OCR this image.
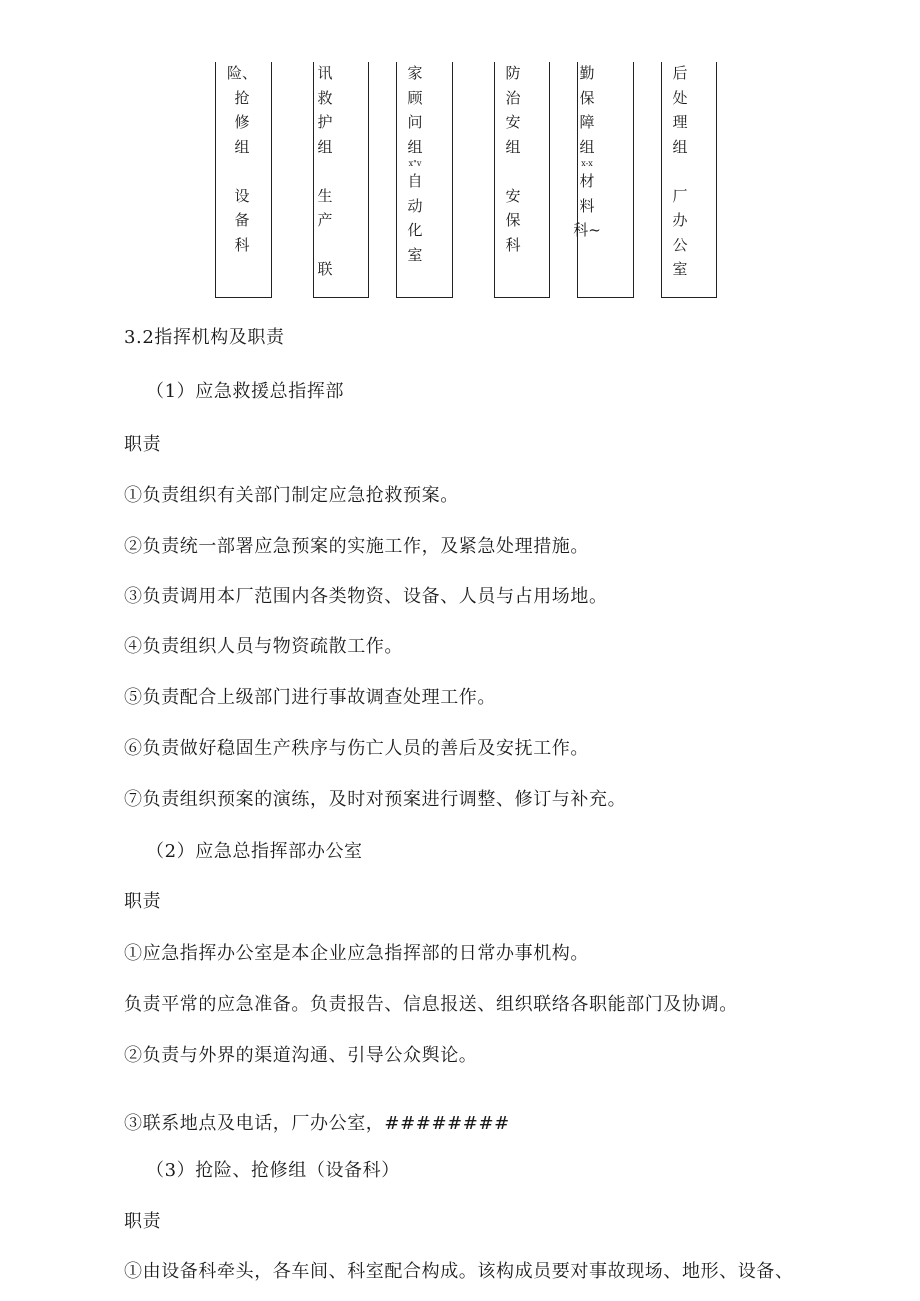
险、
抢
修
组

设
备
科
讯
救
护
组

生
产

联
家
顾
问
组
x"v
自
动
化
室
防
治
安
组

安
保
科
勤
保
障
组
x-x
材
料
科~
后
处
理
组

厂
办
公
室
3.2指挥机构及职责
（1）应急救援总指挥部
职责
①负责组织有关部门制定应急抢救预案。
②负责统一部署应急预案的实施工作，及紧急处理措施。
③负责调用本厂范围内各类物资、设备、人员与占用场地。
④负责组织人员与物资疏散工作。
⑤负责配合上级部门进行事故调查处理工作。
⑥负责做好稳固生产秩序与伤亡人员的善后及安抚工作。
⑦负责组织预案的演练，及时对预案进行调整、修订与补充。
（2）应急总指挥部办公室
职责
①应急指挥办公室是本企业应急指挥部的日常办事机构。
负责平常的应急准备。负责报告、信息报送、组织联络各职能部门及协调。
②负责与外界的渠道沟通、引导公众舆论。
③联系地点及电话，厂办公室，########
（3）抢险、抢修组（设备科）
职责
①由设备科牵头，各车间、科室配合构成。该构成员要对事故现场、地形、设备、
